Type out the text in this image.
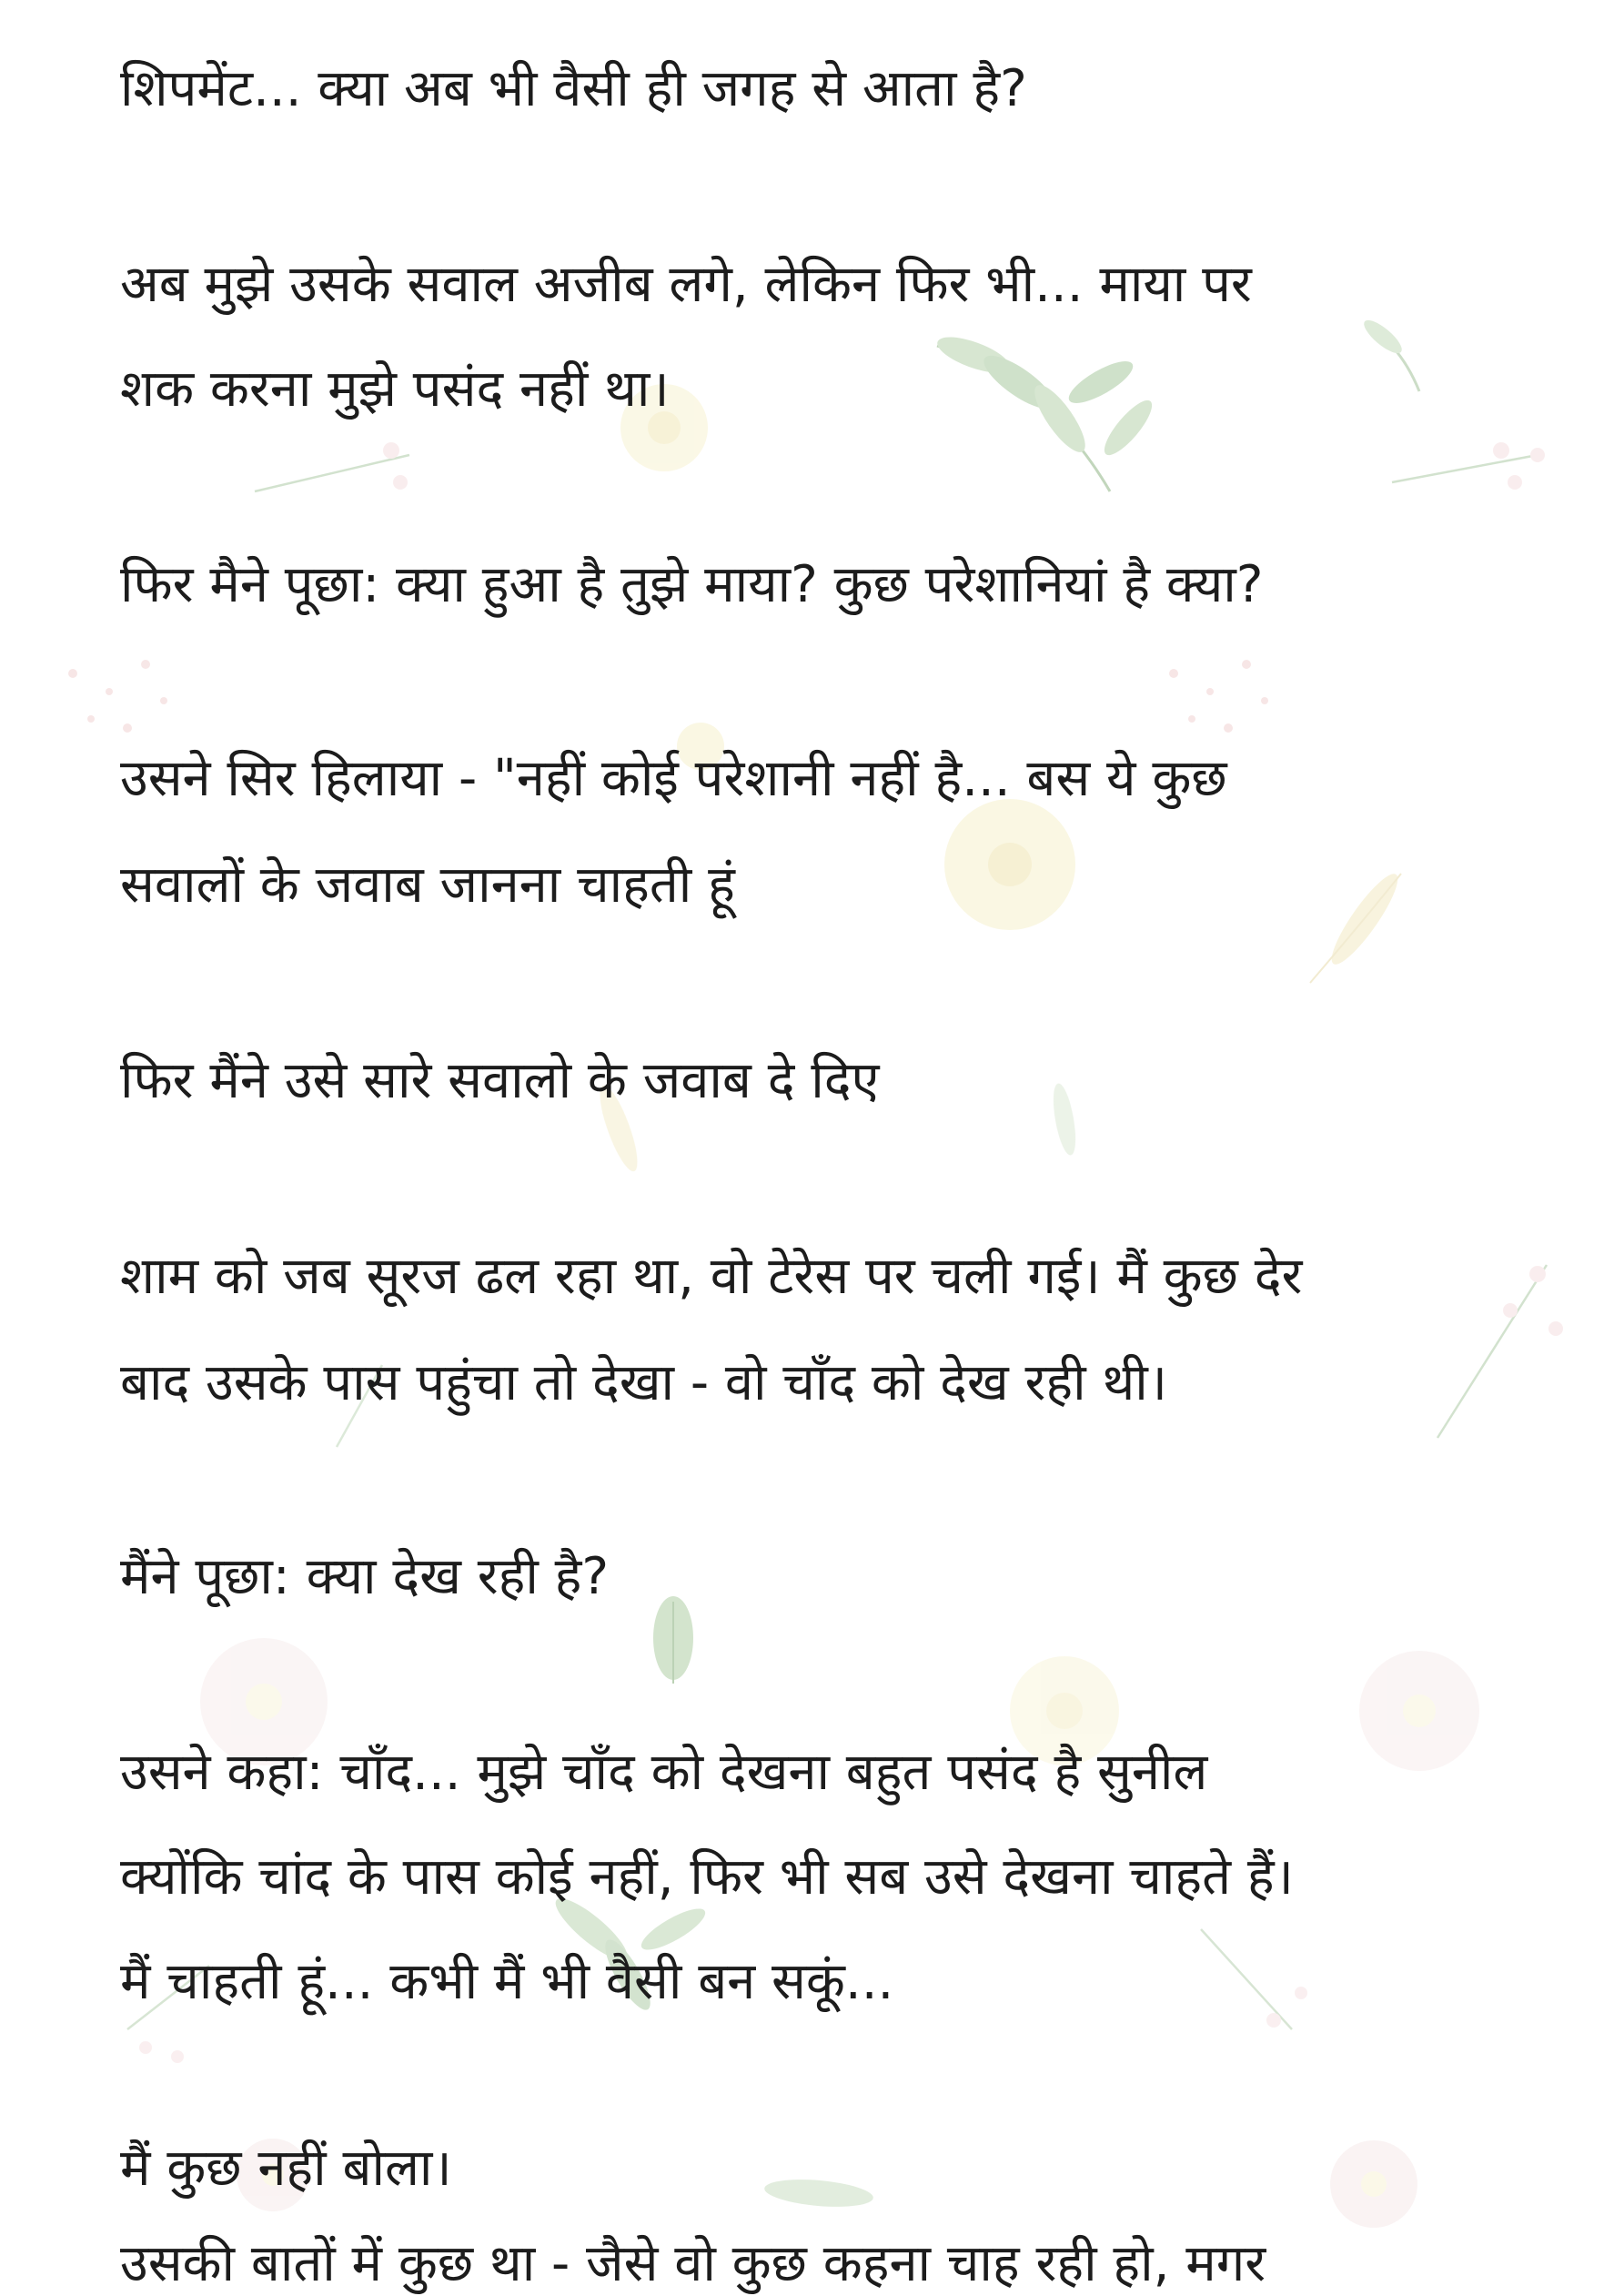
शिपमेंट... क्या अब भी वैसी ही जगह से आता है?

अब मुझे उसके सवाल अजीब लगे, लेकिन फिर भी... माया पर

शक करना मुझे पसंद नहीं था।

फिर मैने पूछा: क्या हुआ है तुझे माया? कुछ परेशानियां है क्या?

उसने सिर हिलाया - "नहीं कोई परेशानी नहीं है... बस ये कुछ

सवालों के जवाब जानना चाहती हूं

फिर मैंने उसे सारे सवालो के जवाब दे दिए

शाम को जब सूरज ढल रहा था, वो टेरेस पर चली गई। मैं कुछ देर

बाद उसके पास पहुंचा तो देखा - वो चाँद को देख रही थी।

मैंने पूछा: क्या देख रही है?

उसने कहा: चाँद... मुझे चाँद को देखना बहुत पसंद है सुनील

क्योंकि चांद के पास कोई नहीं, फिर भी सब उसे देखना चाहते हैं।

मैं चाहती हूं... कभी मैं भी वैसी बन सकूं...

मैं कुछ नहीं बोला।

उसकी बातों में कुछ था - जैसे वो कुछ कहना चाह रही हो, मगर
